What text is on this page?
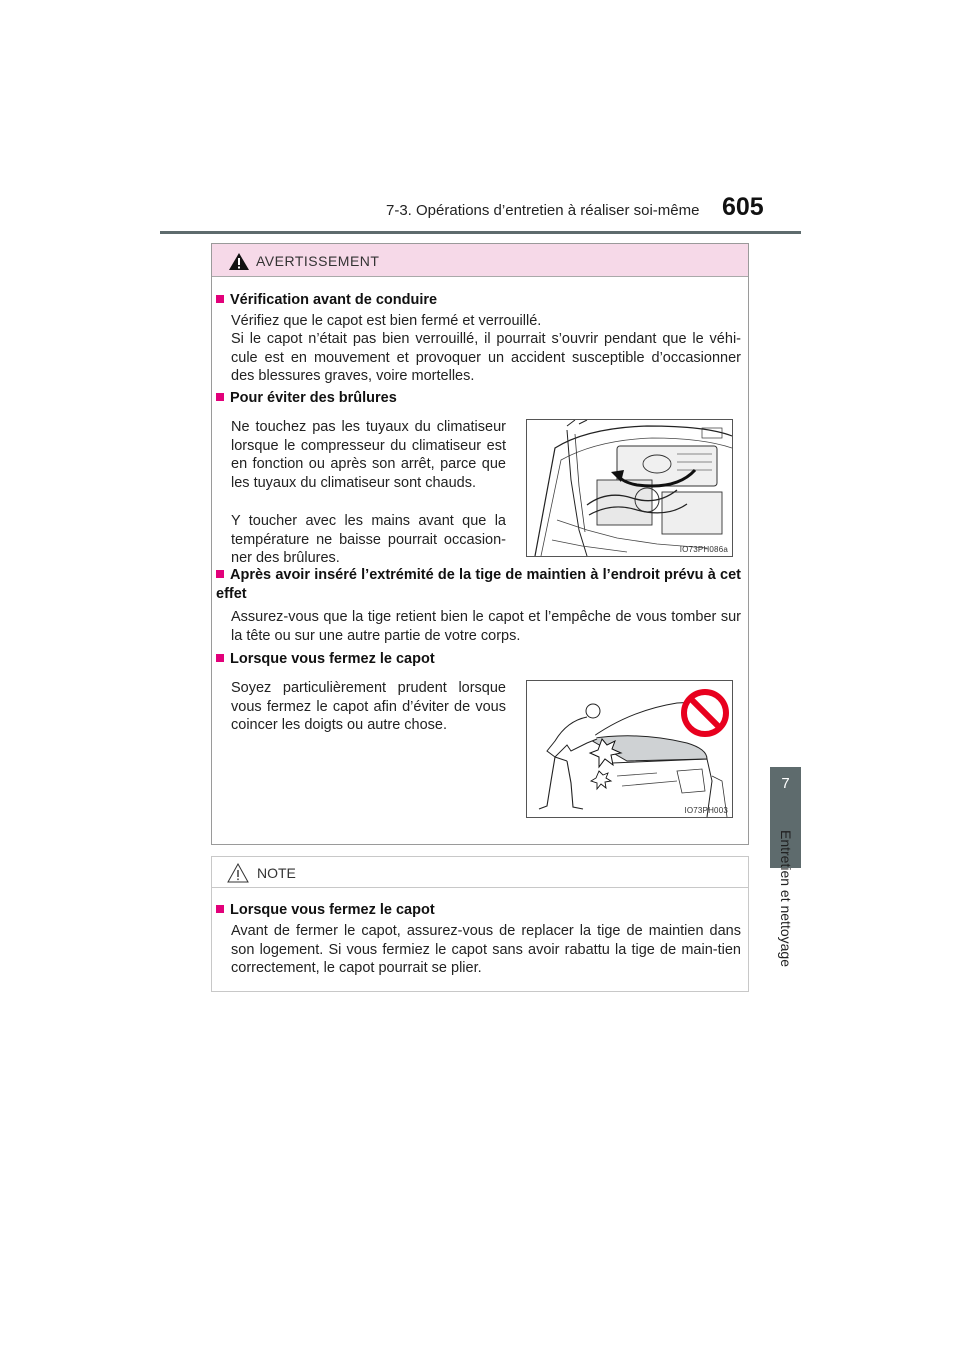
7-3. Opérations d’entretien à réaliser soi-même 605
7
Entretien et nettoyage
AVERTISSEMENT
Vérification avant de conduire
Vérifiez que le capot est bien fermé et verrouillé.
Si le capot n’était pas bien verrouillé, il pourrait s’ouvrir pendant que le véhi-cule est en mouvement et provoquer un accident susceptible d’occasionner des blessures graves, voire mortelles.
Pour éviter des brûlures
Ne touchez pas les tuyaux du climatiseur lorsque le compresseur du climatiseur est en fonction ou après son arrêt, parce que les tuyaux du climatiseur sont chauds.
Y toucher avec les mains avant que la température ne baisse pourrait occasion-ner des brûlures.
IO73PH086a
Après avoir inséré l’extrémité de la tige de maintien à l’endroit prévu à cet effet
Assurez-vous que la tige retient bien le capot et l’empêche de vous tomber sur la tête ou sur une autre partie de votre corps.
Lorsque vous fermez le capot
Soyez particulièrement prudent lorsque vous fermez le capot afin d’éviter de vous coincer les doigts ou autre chose.
IO73PH003
NOTE
Lorsque vous fermez le capot
Avant de fermer le capot, assurez-vous de replacer la tige de maintien dans son logement. Si vous fermiez le capot sans avoir rabattu la tige de main-tien correctement, le capot pourrait se plier.
